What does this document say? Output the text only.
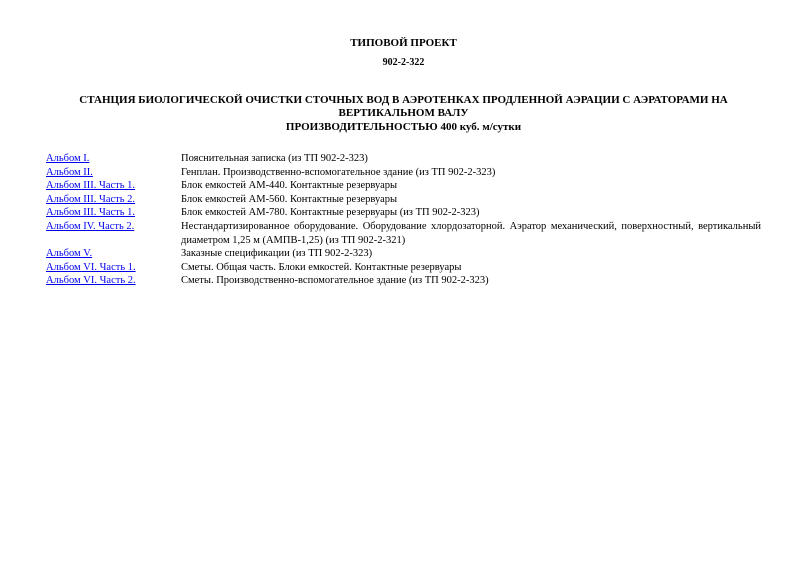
ТИПОВОЙ ПРОЕКТ
902-2-322
СТАНЦИЯ БИОЛОГИЧЕСКОЙ ОЧИСТКИ СТОЧНЫХ ВОД В АЭРОТЕНКАХ ПРОДЛЕННОЙ АЭРАЦИИ С АЭРАТОРАМИ НА ВЕРТИКАЛЬНОМ ВАЛУ
ПРОИЗВОДИТЕЛЬНОСТЬЮ 400 куб. м/сутки
Альбом I.	Пояснительная записка (из ТП 902-2-323)
Альбом II.	Генплан. Производственно-вспомогательное здание (из ТП 902-2-323)
Альбом III. Часть 1.	Блок емкостей АМ-440. Контактные резервуары
Альбом III. Часть 2.	Блок емкостей АМ-560. Контактные резервуары
Альбом III. Часть 1.	Блок емкостей АМ-780. Контактные резервуары (из ТП 902-2-323)
Альбом IV. Часть 2.	Нестандартизированное оборудование. Оборудование хлордозаторной. Аэратор механический, поверхностный, вертикальный диаметром 1,25 м (АМПВ-1,25) (из ТП 902-2-321)
Альбом V.	Заказные спецификации (из ТП 902-2-323)
Альбом VI. Часть 1.	Сметы. Общая часть. Блоки емкостей. Контактные резервуары
Альбом VI. Часть 2.	Сметы. Производственно-вспомогательное здание (из ТП 902-2-323)
